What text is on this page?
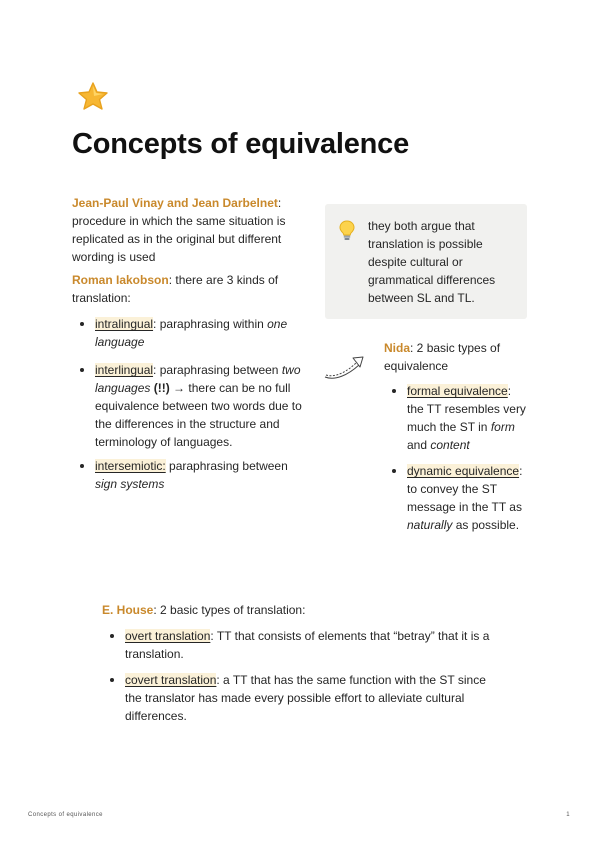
Concepts of equivalence

Jean-Paul Vinay and Jean Darbelnet: procedure in which the same situation is replicated as in the original but different wording is used

Roman Iakobson: there are 3 kinds of translation:

intralingual: paraphrasing within one language

interlingual: paraphrasing between two languages (!!) → there can be no full equivalence between two words due to the differences in the structure and terminology of languages.

intersemiotic: paraphrasing between sign systems

they both argue that translation is possible despite cultural or grammatical differences between SL and TL.

Nida: 2 basic types of equivalence

formal equivalence: the TT resembles very much the ST in form and content

dynamic equivalence: to convey the ST message in the TT as naturally as possible.

E. House: 2 basic types of translation:

overt translation: TT that consists of elements that “betray” that it is a translation.

covert translation: a TT that has the same function with the ST since the translator has made every possible effort to alleviate cultural differences.

Concepts of equivalence	1
